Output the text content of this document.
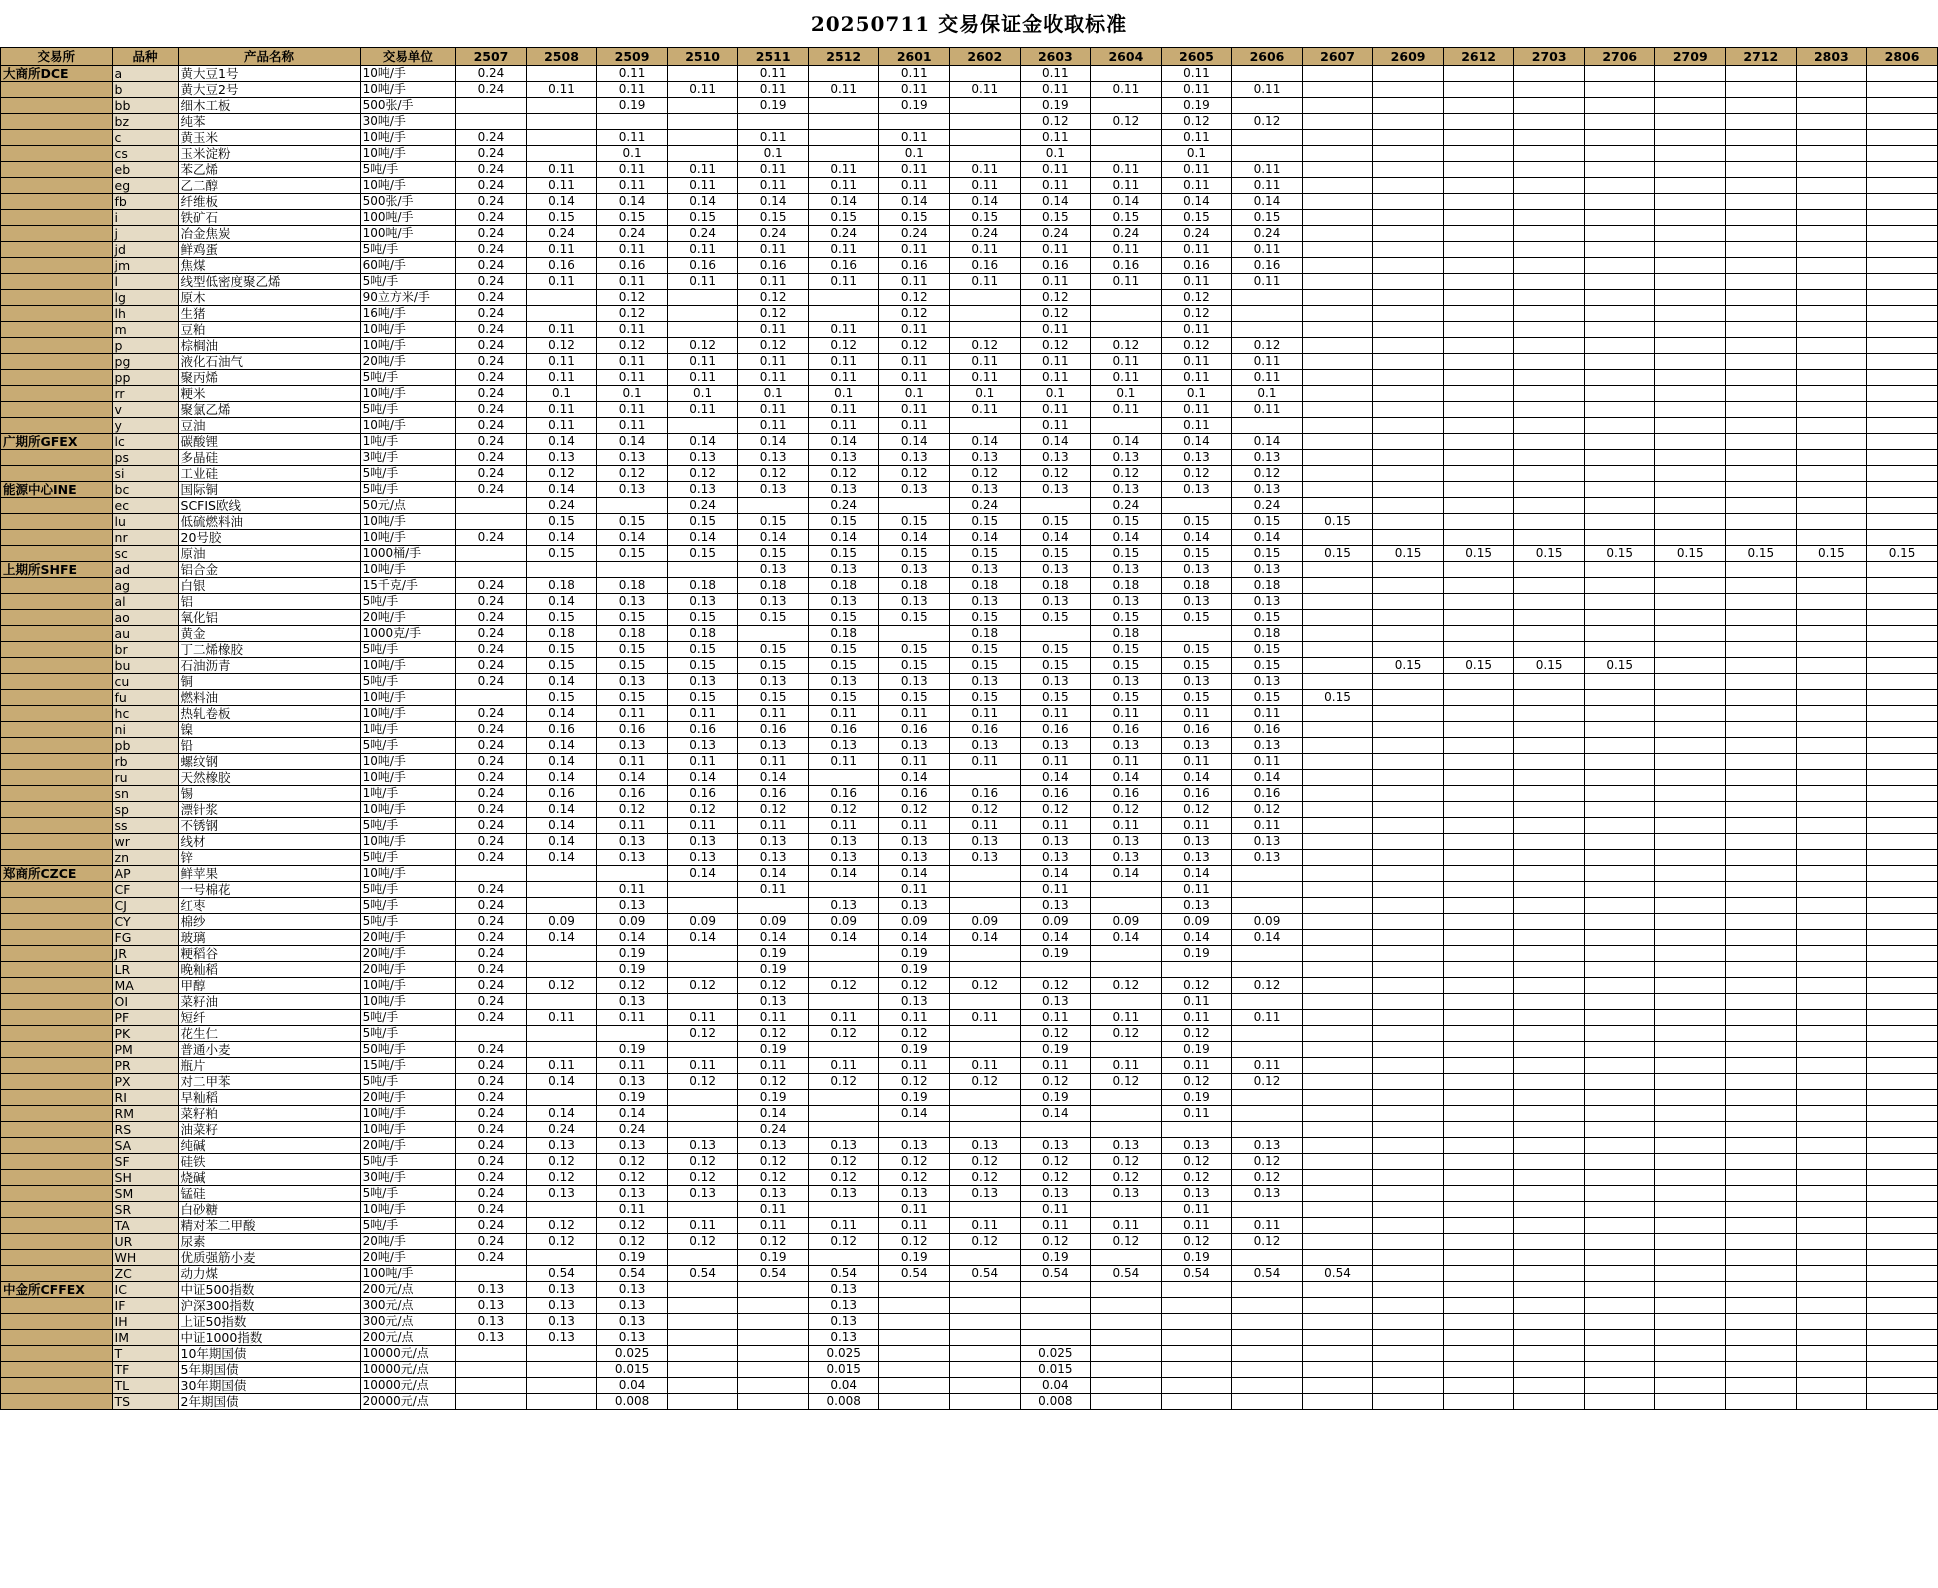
20250711 交易保证金收取标准
交易所	品种	产品名称	交易单位	2507	2508	2509	2510	2511	2512	2601	2602	2603	2604	2605	2606	2607	2609	2612	2703	2706	2709	2712	2803	2806
大商所DCE	a	黄大豆1号	10吨/手	0.24		0.11		0.11		0.11		0.11		0.11										
	b	黄大豆2号	10吨/手	0.24	0.11	0.11	0.11	0.11	0.11	0.11	0.11	0.11	0.11	0.11	0.11									
	bb	细木工板	500张/手			0.19		0.19		0.19		0.19		0.19										
	bz	纯苯	30吨/手									0.12	0.12	0.12	0.12									
	c	黄玉米	10吨/手	0.24		0.11		0.11		0.11		0.11		0.11										
	cs	玉米淀粉	10吨/手	0.24		0.1		0.1		0.1		0.1		0.1										
	eb	苯乙烯	5吨/手	0.24	0.11	0.11	0.11	0.11	0.11	0.11	0.11	0.11	0.11	0.11	0.11									
	eg	乙二醇	10吨/手	0.24	0.11	0.11	0.11	0.11	0.11	0.11	0.11	0.11	0.11	0.11	0.11									
	fb	纤维板	500张/手	0.24	0.14	0.14	0.14	0.14	0.14	0.14	0.14	0.14	0.14	0.14	0.14									
	i	铁矿石	100吨/手	0.24	0.15	0.15	0.15	0.15	0.15	0.15	0.15	0.15	0.15	0.15	0.15									
	j	冶金焦炭	100吨/手	0.24	0.24	0.24	0.24	0.24	0.24	0.24	0.24	0.24	0.24	0.24	0.24									
	jd	鲜鸡蛋	5吨/手	0.24	0.11	0.11	0.11	0.11	0.11	0.11	0.11	0.11	0.11	0.11	0.11									
	jm	焦煤	60吨/手	0.24	0.16	0.16	0.16	0.16	0.16	0.16	0.16	0.16	0.16	0.16	0.16									
	l	线型低密度聚乙烯	5吨/手	0.24	0.11	0.11	0.11	0.11	0.11	0.11	0.11	0.11	0.11	0.11	0.11									
	lg	原木	90立方米/手	0.24		0.12		0.12		0.12		0.12		0.12										
	lh	生猪	16吨/手	0.24		0.12		0.12		0.12		0.12		0.12										
	m	豆粕	10吨/手	0.24	0.11	0.11		0.11	0.11	0.11		0.11		0.11										
	p	棕榈油	10吨/手	0.24	0.12	0.12	0.12	0.12	0.12	0.12	0.12	0.12	0.12	0.12	0.12									
	pg	液化石油气	20吨/手	0.24	0.11	0.11	0.11	0.11	0.11	0.11	0.11	0.11	0.11	0.11	0.11									
	pp	聚丙烯	5吨/手	0.24	0.11	0.11	0.11	0.11	0.11	0.11	0.11	0.11	0.11	0.11	0.11									
	rr	粳米	10吨/手	0.24	0.1	0.1	0.1	0.1	0.1	0.1	0.1	0.1	0.1	0.1	0.1									
	v	聚氯乙烯	5吨/手	0.24	0.11	0.11	0.11	0.11	0.11	0.11	0.11	0.11	0.11	0.11	0.11									
	y	豆油	10吨/手	0.24	0.11	0.11		0.11	0.11	0.11		0.11		0.11										
广期所GFEX	lc	碳酸锂	1吨/手	0.24	0.14	0.14	0.14	0.14	0.14	0.14	0.14	0.14	0.14	0.14	0.14									
	ps	多晶硅	3吨/手	0.24	0.13	0.13	0.13	0.13	0.13	0.13	0.13	0.13	0.13	0.13	0.13									
	si	工业硅	5吨/手	0.24	0.12	0.12	0.12	0.12	0.12	0.12	0.12	0.12	0.12	0.12	0.12									
能源中心INE	bc	国际铜	5吨/手	0.24	0.14	0.13	0.13	0.13	0.13	0.13	0.13	0.13	0.13	0.13	0.13									
	ec	SCFIS欧线	50元/点		0.24		0.24		0.24		0.24		0.24		0.24									
	lu	低硫燃料油	10吨/手		0.15	0.15	0.15	0.15	0.15	0.15	0.15	0.15	0.15	0.15	0.15	0.15								
	nr	20号胶	10吨/手	0.24	0.14	0.14	0.14	0.14	0.14	0.14	0.14	0.14	0.14	0.14	0.14									
	sc	原油	1000桶/手		0.15	0.15	0.15	0.15	0.15	0.15	0.15	0.15	0.15	0.15	0.15	0.15	0.15	0.15	0.15	0.15	0.15	0.15	0.15	0.15
上期所SHFE	ad	铝合金	10吨/手					0.13	0.13	0.13	0.13	0.13	0.13	0.13	0.13									
	ag	白银	15千克/手	0.24	0.18	0.18	0.18	0.18	0.18	0.18	0.18	0.18	0.18	0.18	0.18									
	al	铝	5吨/手	0.24	0.14	0.13	0.13	0.13	0.13	0.13	0.13	0.13	0.13	0.13	0.13									
	ao	氧化铝	20吨/手	0.24	0.15	0.15	0.15	0.15	0.15	0.15	0.15	0.15	0.15	0.15	0.15									
	au	黄金	1000克/手	0.24	0.18	0.18	0.18		0.18		0.18		0.18		0.18									
	br	丁二烯橡胶	5吨/手	0.24	0.15	0.15	0.15	0.15	0.15	0.15	0.15	0.15	0.15	0.15	0.15									
	bu	石油沥青	10吨/手	0.24	0.15	0.15	0.15	0.15	0.15	0.15	0.15	0.15	0.15	0.15	0.15		0.15	0.15	0.15	0.15				
	cu	铜	5吨/手	0.24	0.14	0.13	0.13	0.13	0.13	0.13	0.13	0.13	0.13	0.13	0.13									
	fu	燃料油	10吨/手		0.15	0.15	0.15	0.15	0.15	0.15	0.15	0.15	0.15	0.15	0.15	0.15								
	hc	热轧卷板	10吨/手	0.24	0.14	0.11	0.11	0.11	0.11	0.11	0.11	0.11	0.11	0.11	0.11									
	ni	镍	1吨/手	0.24	0.16	0.16	0.16	0.16	0.16	0.16	0.16	0.16	0.16	0.16	0.16									
	pb	铅	5吨/手	0.24	0.14	0.13	0.13	0.13	0.13	0.13	0.13	0.13	0.13	0.13	0.13									
	rb	螺纹钢	10吨/手	0.24	0.14	0.11	0.11	0.11	0.11	0.11	0.11	0.11	0.11	0.11	0.11									
	ru	天然橡胶	10吨/手	0.24	0.14	0.14	0.14	0.14		0.14		0.14	0.14	0.14	0.14									
	sn	锡	1吨/手	0.24	0.16	0.16	0.16	0.16	0.16	0.16	0.16	0.16	0.16	0.16	0.16									
	sp	漂针浆	10吨/手	0.24	0.14	0.12	0.12	0.12	0.12	0.12	0.12	0.12	0.12	0.12	0.12									
	ss	不锈钢	5吨/手	0.24	0.14	0.11	0.11	0.11	0.11	0.11	0.11	0.11	0.11	0.11	0.11									
	wr	线材	10吨/手	0.24	0.14	0.13	0.13	0.13	0.13	0.13	0.13	0.13	0.13	0.13	0.13									
	zn	锌	5吨/手	0.24	0.14	0.13	0.13	0.13	0.13	0.13	0.13	0.13	0.13	0.13	0.13									
郑商所CZCE	AP	鲜苹果	10吨/手				0.14	0.14	0.14	0.14		0.14	0.14	0.14										
	CF	一号棉花	5吨/手	0.24		0.11		0.11		0.11		0.11		0.11										
	CJ	红枣	5吨/手	0.24		0.13			0.13	0.13		0.13		0.13										
	CY	棉纱	5吨/手	0.24	0.09	0.09	0.09	0.09	0.09	0.09	0.09	0.09	0.09	0.09	0.09									
	FG	玻璃	20吨/手	0.24	0.14	0.14	0.14	0.14	0.14	0.14	0.14	0.14	0.14	0.14	0.14									
	JR	粳稻谷	20吨/手	0.24		0.19		0.19		0.19		0.19		0.19										
	LR	晚籼稻	20吨/手	0.24		0.19		0.19		0.19														
	MA	甲醇	10吨/手	0.24	0.12	0.12	0.12	0.12	0.12	0.12	0.12	0.12	0.12	0.12	0.12									
	OI	菜籽油	10吨/手	0.24		0.13		0.13		0.13		0.13		0.11										
	PF	短纤	5吨/手	0.24	0.11	0.11	0.11	0.11	0.11	0.11	0.11	0.11	0.11	0.11	0.11									
	PK	花生仁	5吨/手				0.12	0.12	0.12	0.12		0.12	0.12	0.12										
	PM	普通小麦	50吨/手	0.24		0.19		0.19		0.19		0.19		0.19										
	PR	瓶片	15吨/手	0.24	0.11	0.11	0.11	0.11	0.11	0.11	0.11	0.11	0.11	0.11	0.11									
	PX	对二甲苯	5吨/手	0.24	0.14	0.13	0.12	0.12	0.12	0.12	0.12	0.12	0.12	0.12	0.12									
	RI	早籼稻	20吨/手	0.24		0.19		0.19		0.19		0.19		0.19										
	RM	菜籽粕	10吨/手	0.24	0.14	0.14		0.14		0.14		0.14		0.11										
	RS	油菜籽	10吨/手	0.24	0.24	0.24		0.24																
	SA	纯碱	20吨/手	0.24	0.13	0.13	0.13	0.13	0.13	0.13	0.13	0.13	0.13	0.13	0.13									
	SF	硅铁	5吨/手	0.24	0.12	0.12	0.12	0.12	0.12	0.12	0.12	0.12	0.12	0.12	0.12									
	SH	烧碱	30吨/手	0.24	0.12	0.12	0.12	0.12	0.12	0.12	0.12	0.12	0.12	0.12	0.12									
	SM	锰硅	5吨/手	0.24	0.13	0.13	0.13	0.13	0.13	0.13	0.13	0.13	0.13	0.13	0.13									
	SR	白砂糖	10吨/手	0.24		0.11		0.11		0.11		0.11		0.11										
	TA	精对苯二甲酸	5吨/手	0.24	0.12	0.12	0.11	0.11	0.11	0.11	0.11	0.11	0.11	0.11	0.11									
	UR	尿素	20吨/手	0.24	0.12	0.12	0.12	0.12	0.12	0.12	0.12	0.12	0.12	0.12	0.12									
	WH	优质强筋小麦	20吨/手	0.24		0.19		0.19		0.19		0.19		0.19										
	ZC	动力煤	100吨/手		0.54	0.54	0.54	0.54	0.54	0.54	0.54	0.54	0.54	0.54	0.54	0.54								
中金所CFFEX	IC	中证500指数	200元/点	0.13	0.13	0.13			0.13															
	IF	沪深300指数	300元/点	0.13	0.13	0.13			0.13															
	IH	上证50指数	300元/点	0.13	0.13	0.13			0.13															
	IM	中证1000指数	200元/点	0.13	0.13	0.13			0.13															
	T	10年期国债	10000元/点			0.025			0.025			0.025												
	TF	5年期国债	10000元/点			0.015			0.015			0.015												
	TL	30年期国债	10000元/点			0.04			0.04			0.04												
	TS	2年期国债	20000元/点			0.008			0.008			0.008												
